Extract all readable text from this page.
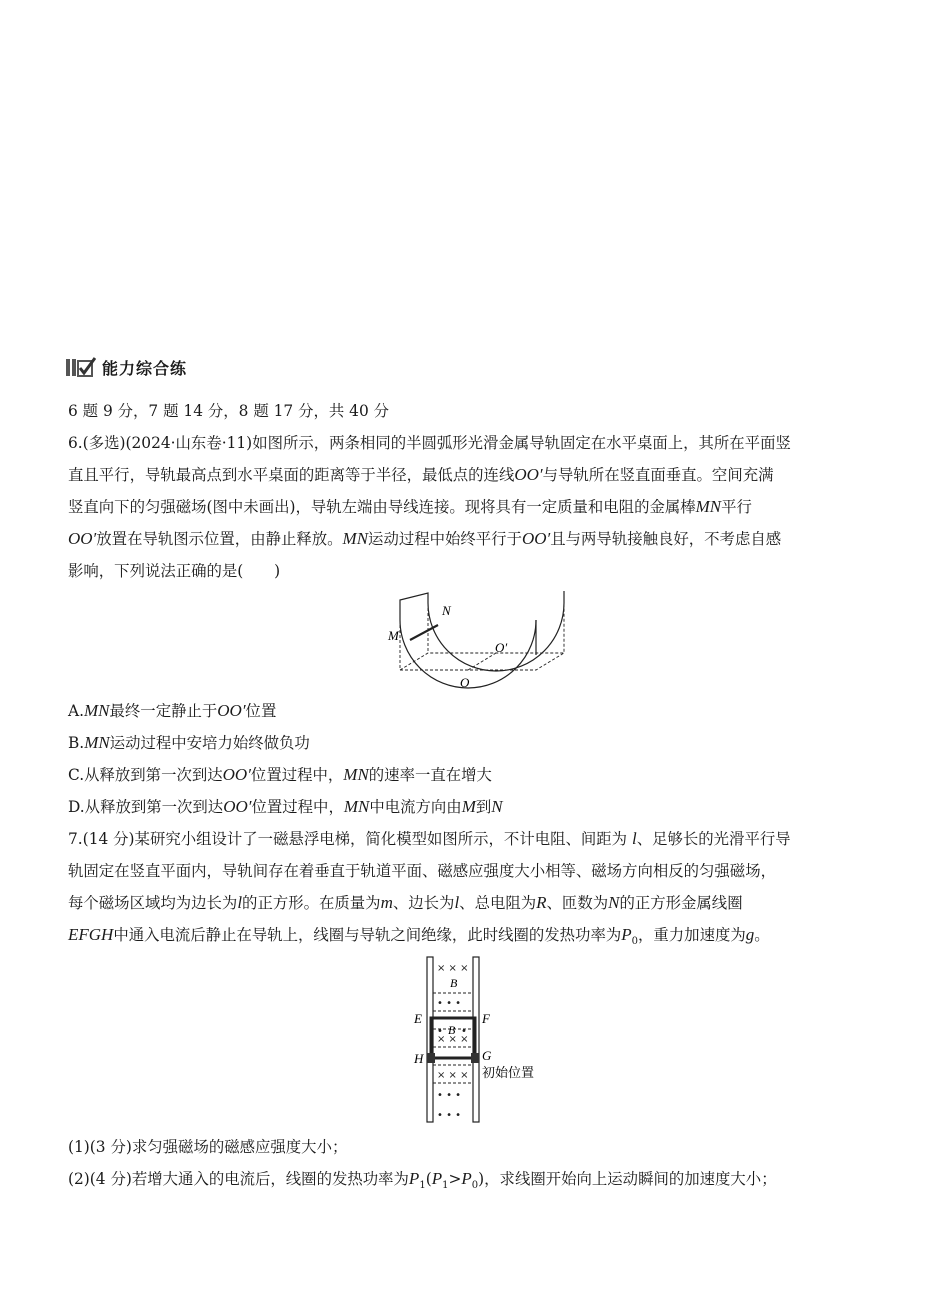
能力综合练
6 题 9 分，7 题 14 分，8 题 17 分，共 40 分
6.(多选)(2024·山东卷·11)如图所示，两条相同的半圆弧形光滑金属导轨固定在水平桌面上，其所在平面竖
直且平行，导轨最高点到水平桌面的距离等于半径，最低点的连线OO′与导轨所在竖直面垂直。空间充满
竖直向下的匀强磁场(图中未画出)，导轨左端由导线连接。现将具有一定质量和电阻的金属棒MN平行
OO′放置在导轨图示位置，由静止释放。MN运动过程中始终平行于OO′且与两导轨接触良好，不考虑自感
影响，下列说法正确的是(　　)
M
N
O
O′
A.MN最终一定静止于OO′位置
B.MN运动过程中安培力始终做负功
C.从释放到第一次到达OO′位置过程中，MN的速率一直在增大
D.从释放到第一次到达OO′位置过程中，MN中电流方向由M到N
7.(14 分)某研究小组设计了一磁悬浮电梯，简化模型如图所示，不计电阻、间距为 l、足够长的光滑平行导
轨固定在竖直平面内，导轨间存在着垂直于轨道平面、磁感应强度大小相等、磁场方向相反的匀强磁场，
每个磁场区域均为边长为l的正方形。在质量为m、边长为l、总电阻为R、匝数为N的正方形金属线圈
EFGH中通入电流后静止在导轨上，线圈与导轨之间绝缘，此时线圈的发热功率为$P_0$，重力加速度为g。
× × ×
• • •
× × ×
× × ×
• • •
• • •
• •
B
B
E	F
G
H
初始位置
(1)(3 分)求匀强磁场的磁感应强度大小；
(2)(4 分)若增大通入的电流后，线圈的发热功率为$P_1(P_1>P_0)$，求线圈开始向上运动瞬间的加速度大小；
